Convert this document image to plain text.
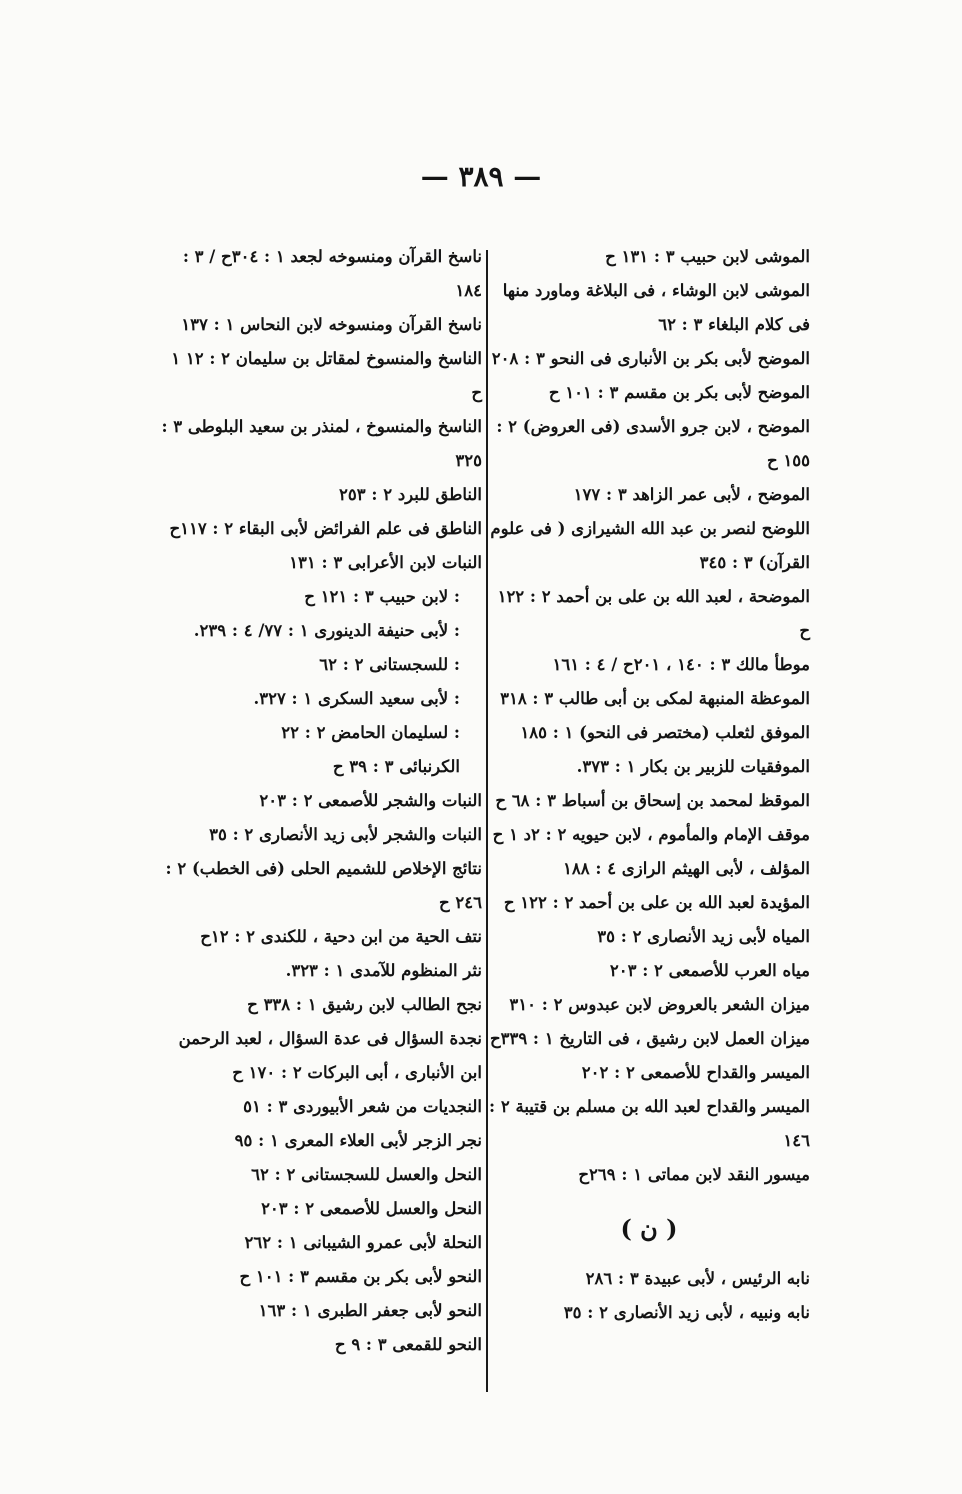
— ٣٨٩ —

الموشى لابن حبيب ٣ : ١٣١ ح

الموشى لابن الوشاء ، فى البلاغة وماورد منها فى كلام البلغاء ٣ : ٦٢

الموضح لأبى بكر بن الأنبارى فى النحو ٣ : ٢٠٨

الموضح لأبى بكر بن مقسم ٣ : ١٠١ ح

الموضح ، لابن جرو الأسدى (فى العروض) ٢ : ١٥٥ ح

الموضح ، لأبى عمر الزاهد ٣ : ١٧٧

اللوضح لنصر بن عبد الله الشيرازى ( فى علوم القرآن) ٣ : ٣٤٥

الموضحة ، لعبد الله بن على بن أحمد ٢ : ١٢٢ ح

موطأ مالك ٣ : ١٤٠ ، ٢٠١ح / ٤ : ١٦١

الموعظة المنبهة لمكى بن أبى طالب ٣ : ٣١٨

الموفق لثعلب (مختصر فى النحو) ١ : ١٨٥

الموفقيات للزبير بن بكار ١ : ٣٧٣.

الموقظ لمحمد بن إسحاق بن أسباط ٣ : ٦٨ ح

موقف الإمام والمأموم ، لابن حيويه ٢ : ٢د ١ ح

المؤلف ، لأبى الهيثم الرازى ٤ : ١٨٨

المؤيدة لعبد الله بن على بن أحمد ٢ : ١٢٢ ح

المياه لأبى زيد الأنصارى ٢ : ٣٥

مياه العرب للأصمعى ٢ : ٢٠٣

ميزان الشعر بالعروض لابن عبدوس ٢ : ٣١٠

ميزان العمل لابن رشيق ، فى التاريخ ١ : ٣٣٩ح

الميسر والقداح للأصمعى ٢ : ٢٠٢

الميسر والقداح لعبد الله بن مسلم بن قتيبة ٢ : ١٤٦

ميسور النقد لابن مماتى ١ : ٢٦٩ح

( ن )

نابه الرئيس ، لأبى عبيدة ٣ : ٢٨٦

نابه ونبيه ، لأبى زيد الأنصارى ٢ : ٣٥

ناسخ القرآن ومنسوخه لجعد ١ : ٣٠٤ح / ٣ : ١٨٤

ناسخ القرآن ومنسوخه لابن النحاس ١ : ١٣٧

الناسخ والمنسوخ لمقاتل بن سليمان ٢ : ١٢ ١ ح

الناسخ والمنسوخ ، لمنذر بن سعيد البلوطى ٣ : ٣٢٥

الناطق للبرد ٢ : ٢٥٣

الناطق فى علم الفرائض لأبى البقاء ٢ : ١١٧ح

النبات لابن الأعرابى ٣ : ١٣١

: لابن حبيب ٣ : ١٢١ ح

: لأبى حنيفة الدينورى ١ : ٧٧/ ٤ : ٢٣٩.

: للسجستانى ٢ : ٦٢

: لأبى سعيد السكرى ١ : ٣٢٧.

: لسليمان الحامض ٢ : ٢٢

الكرنبائى ٣ : ٣٩ ح

النبات والشجر للأصمعى ٢ : ٢٠٣

النبات والشجر لأبى زيد الأنصارى ٢ : ٣٥

نتائج الإخلاص للشميم الحلى (فى الخطب) ٢ : ٢٤٦ ح

نتف الحية من ابن دحية ، للكندى ٢ : ١٢ح

نثر المنظوم للآمدى ١ : ٣٢٣.

نجح الطالب لابن رشيق ١ : ٣٣٨ ح

نجدة السؤال فى عدة السؤال ، لعبد الرحمن ابن الأنبارى ، أبى البركات ٢ : ١٧٠ ح

النجديات من شعر الأبيوردى ٣ : ٥١

نجر الزجر لأبى العلاء المعرى ١ : ٩٥

النحل والعسل للسجستانى ٢ : ٦٢

النحل والعسل للأصمعى ٢ : ٢٠٣

النحلة لأبى عمرو الشيبانى ١ : ٢٦٢

النحو لأبى بكر بن مقسم ٣ : ١٠١ ح

النحو لأبى جعفر الطبرى ١ : ١٦٣

النحو للقمعى ٣ : ٩ ح
